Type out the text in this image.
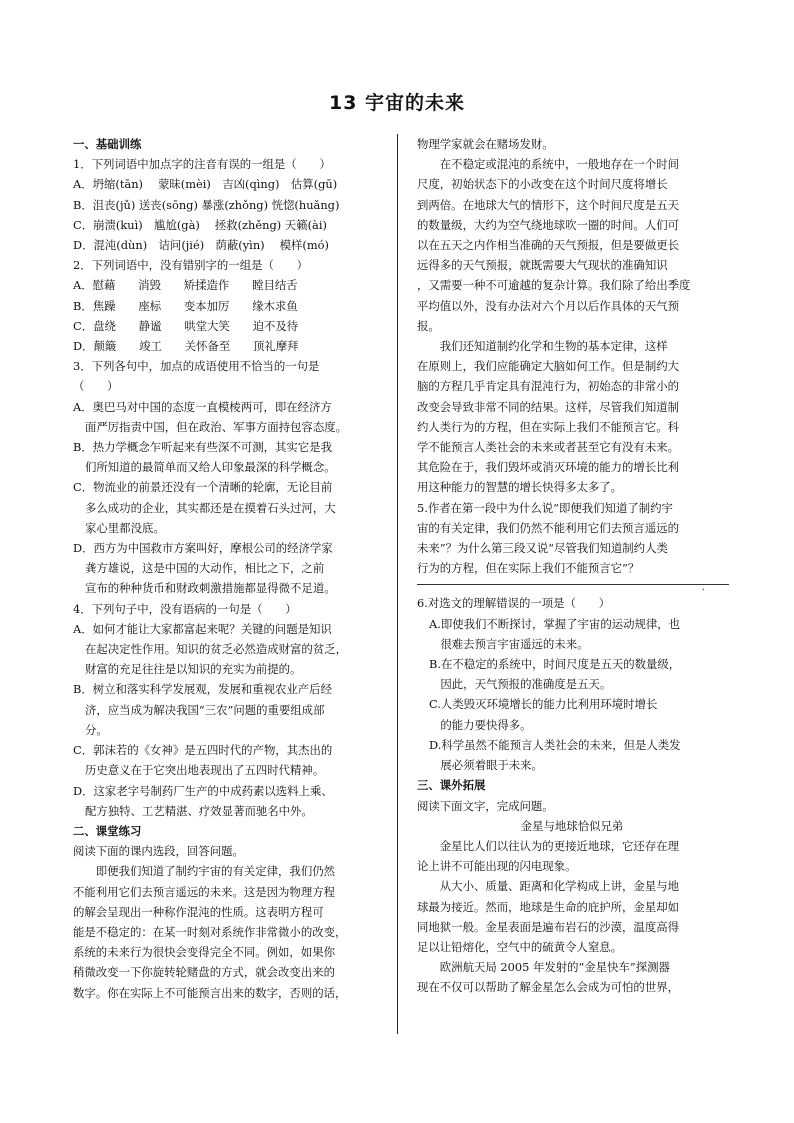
13 宇宙的未来
一、基础训练
1．下列词语中加点字的注音有误的一组是（　　）
A．坍缩(tān)　 蒙昧(mèi)　吉凶(qìng)　估算(gū)
B．沮丧(jǔ) 送丧(sōng) 暴涨(zhǒng) 恍惚(huǎng)
C．崩溃(kuì)　尴尬(gà)　 拯救(zhěng) 天籁(ài)
D．混沌(dùn)　诘问(jié)　荫蔽(yìn)　 模样(mó)
2．下列词语中，没有错别字的一组是（　　）
A．慰藉　　消毁　　矫揉造作　　瞠目结舌
B．焦躁　　座标　　变本加厉　　缘木求鱼
C．盘绕　　静谧　　哄堂大笑　　迫不及待
D．颠簸　　竣工　　关怀备至　　顶礼摩拜
3．下列各句中，加点的成语使用不恰当的一句是
（　　）
A．奥巴马对中国的态度一直模棱两可，即在经济方
面严厉指责中国，但在政治、军事方面持包容态度。
B．热力学概念乍听起来有些深不可测，其实它是我
们所知道的最简单而又给人印象最深的科学概念。
C．物流业的前景还没有一个清晰的轮廓，无论目前
多么成功的企业，其实都还是在摸着石头过河，大
家心里都没底。
D．西方为中国救市方案叫好，摩根公司的经济学家
龚方雄说，这是中国的大动作，相比之下，之前
宣布的种种货币和财政刺激措施都显得微不足道。
4．下列句子中，没有语病的一句是（　　）
A．如何才能让大家都富起来呢？关键的问题是知识
在起决定性作用。知识的贫乏必然造成财富的贫乏，
财富的充足往往是以知识的充实为前提的。
B．树立和落实科学发展观，发展和重视农业产后经
济，应当成为解决我国“三农”问题的重要组成部
分。
C．郭沫若的《女神》是五四时代的产物，其杰出的
历史意义在于它突出地表现出了五四时代精神。
D．这家老字号制药厂生产的中成药素以选料上乘、
配方独特、工艺精湛、疗效显著而驰名中外。
二、课堂练习
阅读下面的课内选段，回答问题。
　　即便我们知道了制约宇宙的有关定律，我们仍然
不能利用它们去预言遥远的未来。这是因为物理方程
的解会呈现出一种称作混沌的性质。这表明方程可
能是不稳定的：在某一时刻对系统作非常微小的改变，
系统的未来行为很快会变得完全不同。例如，如果你
稍微改变一下你旋转轮赌盘的方式，就会改变出来的
数字。你在实际上不可能预言出来的数字，否则的话，
物理学家就会在赌场发财。
　　在不稳定或混沌的系统中，一般地存在一个时间
尺度，初始状态下的小改变在这个时间尺度将增长
到两倍。在地球大气的情形下，这个时间尺度是五天
的数量级，大约为空气绕地球吹一圈的时间。人们可
以在五天之内作相当准确的天气预报，但是要做更长
远得多的天气预报，就既需要大气现状的准确知识
，又需要一种不可逾越的复杂计算。我们除了给出季度
平均值以外，没有办法对六个月以后作具体的天气预
报。
　　我们还知道制约化学和生物的基本定律，这样
在原则上，我们应能确定大脑如何工作。但是制约大
脑的方程几乎肯定具有混沌行为，初始态的非常小的
改变会导致非常不同的结果。这样，尽管我们知道制
约人类行为的方程，但在实际上我们不能预言它。科
学不能预言人类社会的未来或者甚至它有没有未来。
其危险在于，我们毁坏或消灭环境的能力的增长比利
用这种能力的智慧的增长快得多太多了。
5.作者在第一段中为什么说“即便我们知道了制约宇
宙的有关定律，我们仍然不能利用它们去预言遥远的
未来”？为什么第三段又说“尽管我们知道制约人类
行为的方程，但在实际上我们不能预言它”？
•
6.对选文的理解错误的一项是（　　）
A.即使我们不断探讨，掌握了宇宙的运动规律，也
　很难去预言宇宙遥远的未来。
B.在不稳定的系统中，时间尺度是五天的数量级，
　因此，天气预报的准确度是五天。
C.人类毁灭环境增长的能力比利用环境时增长
　的能力要快得多。
D.科学虽然不能预言人类社会的未来，但是人类发
　展必须着眼于未来。
三、课外拓展
阅读下面文字，完成问题。
金星与地球恰似兄弟
　　金星比人们以往认为的更接近地球，它还存在理
论上讲不可能出现的闪电现象。
　　从大小、质量、距离和化学构成上讲，金星与地
球最为接近。然而，地球是生命的庇护所，金星却如
同地狱一般。金星表面是遍布岩石的沙漠，温度高得
足以让铅熔化，空气中的硫黄令人窒息。
　　欧洲航天局 2005 年发射的“金星快车”探测器
现在不仅可以帮助了解金星怎么会成为可怕的世界，
